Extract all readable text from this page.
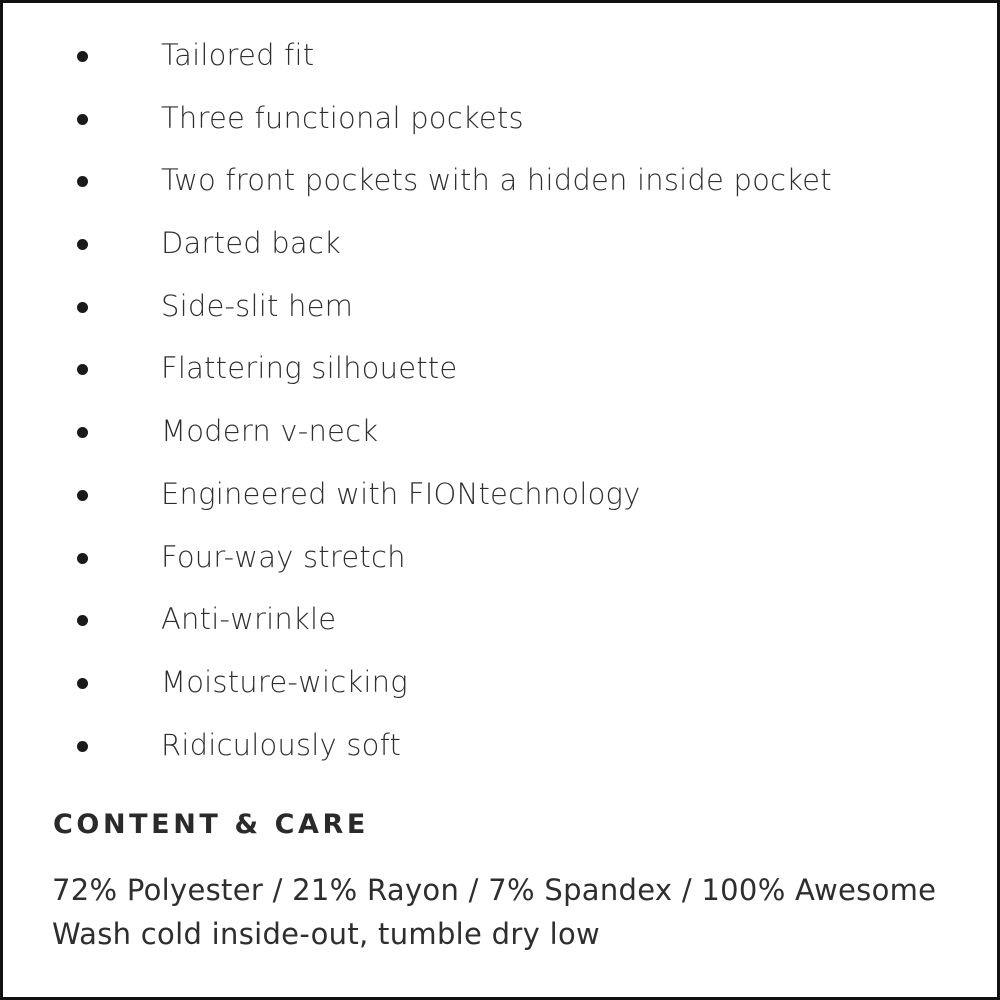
Tailored fit
Three functional pockets
Two front pockets with a hidden inside pocket
Darted back
Side-slit hem
Flattering silhouette
Modern v-neck
Engineered with FIONtechnology
Four-way stretch
Anti-wrinkle
Moisture-wicking
Ridiculously soft
CONTENT & CARE

72% Polyester / 21% Rayon / 7% Spandex / 100% Awesome

Wash cold inside-out, tumble dry low
